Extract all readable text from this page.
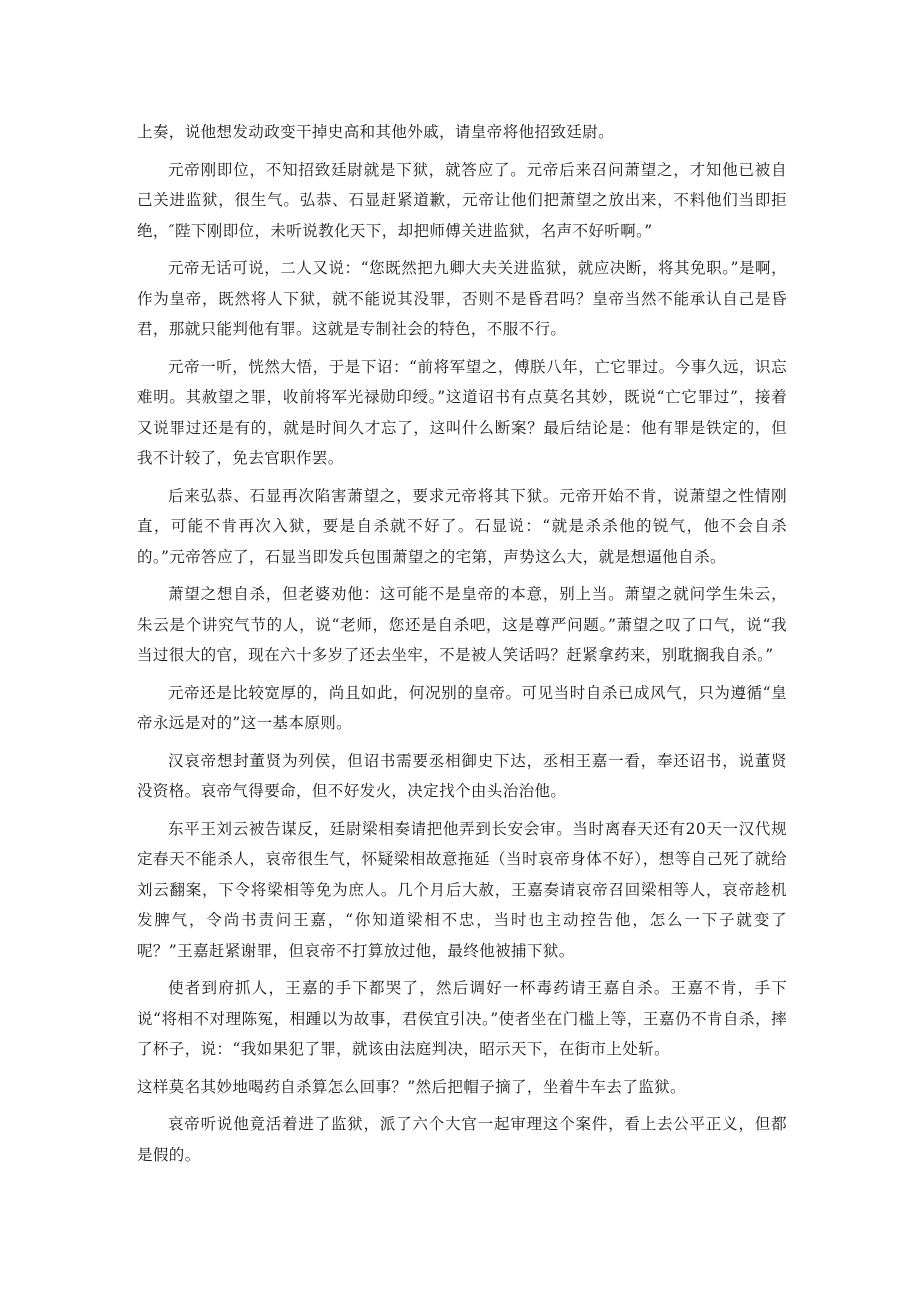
上奏，说他想发动政变干掉史高和其他外戚，请皇帝将他招致廷尉。

元帝刚即位，不知招致廷尉就是下狱，就答应了。元帝后来召问萧望之，才知他已被自己关进监狱，很生气。弘恭、石显赶紧道歉，元帝让他们把萧望之放出来，不料他们当即拒绝，″陛下刚即位，未听说教化天下，却把师傅关进监狱，名声不好听啊。”

元帝无话可说，二人又说：“您既然把九卿大夫关进监狱，就应决断，将其免职。”是啊，作为皇帝，既然将人下狱，就不能说其没罪，否则不是昏君吗？皇帝当然不能承认自己是昏君，那就只能判他有罪。这就是专制社会的特色，不服不行。

元帝一听，恍然大悟，于是下诏：“前将军望之，傅朕八年，亡它罪过。今事久远，识忘难明。其赦望之罪，收前将军光禄勋印绶。”这道诏书有点莫名其妙，既说“亡它罪过”，接着又说罪过还是有的，就是时间久才忘了，这叫什么断案？最后结论是：他有罪是铁定的，但我不计较了，免去官职作罢。

后来弘恭、石显再次陷害萧望之，要求元帝将其下狱。元帝开始不肯，说萧望之性情刚直，可能不肯再次入狱，要是自杀就不好了。石显说：“就是杀杀他的锐气，他不会自杀的。”元帝答应了，石显当即发兵包围萧望之的宅第，声势这么大，就是想逼他自杀。

萧望之想自杀，但老婆劝他：这可能不是皇帝的本意，别上当。萧望之就问学生朱云，朱云是个讲究气节的人，说“老师，您还是自杀吧，这是尊严问题。”萧望之叹了口气，说“我当过很大的官，现在六十多岁了还去坐牢，不是被人笑话吗？赶紧拿药来，别耽搁我自杀。”

元帝还是比较宽厚的，尚且如此，何况别的皇帝。可见当时自杀已成风气，只为遵循“皇帝永远是对的”这一基本原则。

汉哀帝想封董贤为列侯，但诏书需要丞相御史下达，丞相王嘉一看，奉还诏书，说董贤没资格。哀帝气得要命，但不好发火，决定找个由头治治他。

东平王刘云被告谋反，廷尉梁相奏请把他弄到长安会审。当时离春天还有20天一汉代规定春天不能杀人，哀帝很生气，怀疑梁相故意拖延（当时哀帝身体不好），想等自己死了就给刘云翻案，下令将梁相等免为庶人。几个月后大赦，王嘉奏请哀帝召回梁相等人，哀帝趁机发脾气，令尚书责问王嘉，“你知道梁相不忠，当时也主动控告他，怎么一下子就变了呢？”王嘉赶紧谢罪，但哀帝不打算放过他，最终他被捕下狱。

使者到府抓人，王嘉的手下都哭了，然后调好一杯毒药请王嘉自杀。王嘉不肯，手下说“将相不对理陈冤，相踵以为故事，君侯宜引决。”使者坐在门槛上等，王嘉仍不肯自杀，摔了杯子，说：“我如果犯了罪，就该由法庭判决，昭示天下，在街市上处斩。

这样莫名其妙地喝药自杀算怎么回事？”然后把帽子摘了，坐着牛车去了监狱。

哀帝听说他竟活着进了监狱，派了六个大官一起审理这个案件，看上去公平正义，但都是假的。
